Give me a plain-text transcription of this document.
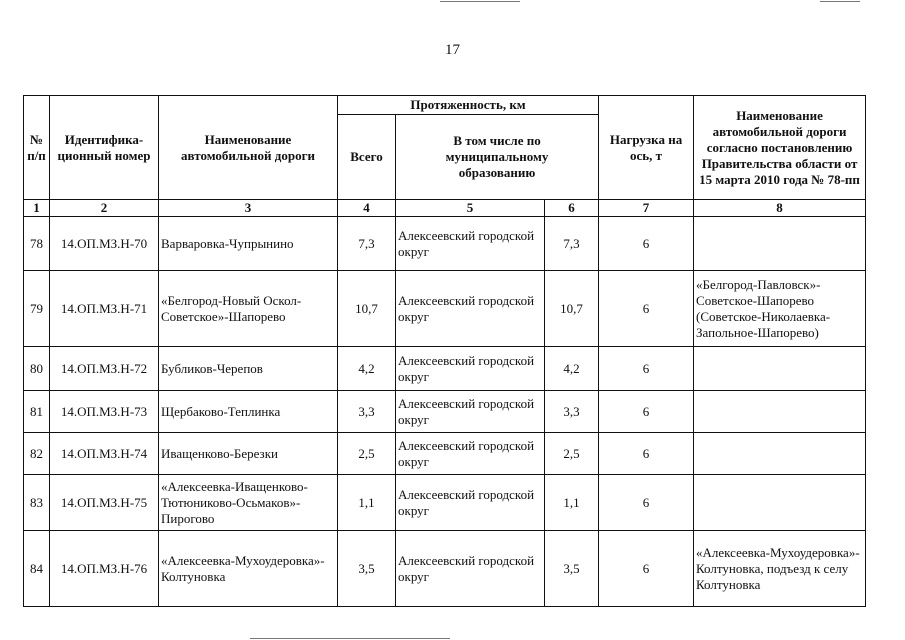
17
№ п/п	Идентифика-ционный номер	Наименование автомобильной дороги	Протяженность, км			Нагрузка на ось, т	Наименование автомобильной дороги согласно постановлению Правительства области от 15 марта 2010 года № 78-пп
			Всего	В том числе по муниципальному образованию			
1	2	3	4	5	6	7	8
78	14.ОП.МЗ.Н-70	Варваровка-Чупрынино	7,3	Алексеевский городской округ	7,3	6	
79	14.ОП.МЗ.Н-71	«Белгород-Новый Оскол-Советское»-Шапорево	10,7	Алексеевский городской округ	10,7	6	«Белгород-Павловск»-Советское-Шапорево (Советское-Николаевка-Запольное-Шапорево)
80	14.ОП.МЗ.Н-72	Бубликов-Черепов	4,2	Алексеевский городской округ	4,2	6	
81	14.ОП.МЗ.Н-73	Щербаково-Теплинка	3,3	Алексеевский городской округ	3,3	6	
82	14.ОП.МЗ.Н-74	Иващенково-Березки	2,5	Алексеевский городской округ	2,5	6	
83	14.ОП.МЗ.Н-75	«Алексеевка-Иващенково-Тютюниково-Осьмаков»-Пирогово	1,1	Алексеевский городской округ	1,1	6	
84	14.ОП.МЗ.Н-76	«Алексеевка-Мухоудеровка»-Колтуновка	3,5	Алексеевский городской округ	3,5	6	«Алексеевка-Мухоудеровка»-Колтуновка, подъезд к селу Колтуновка
